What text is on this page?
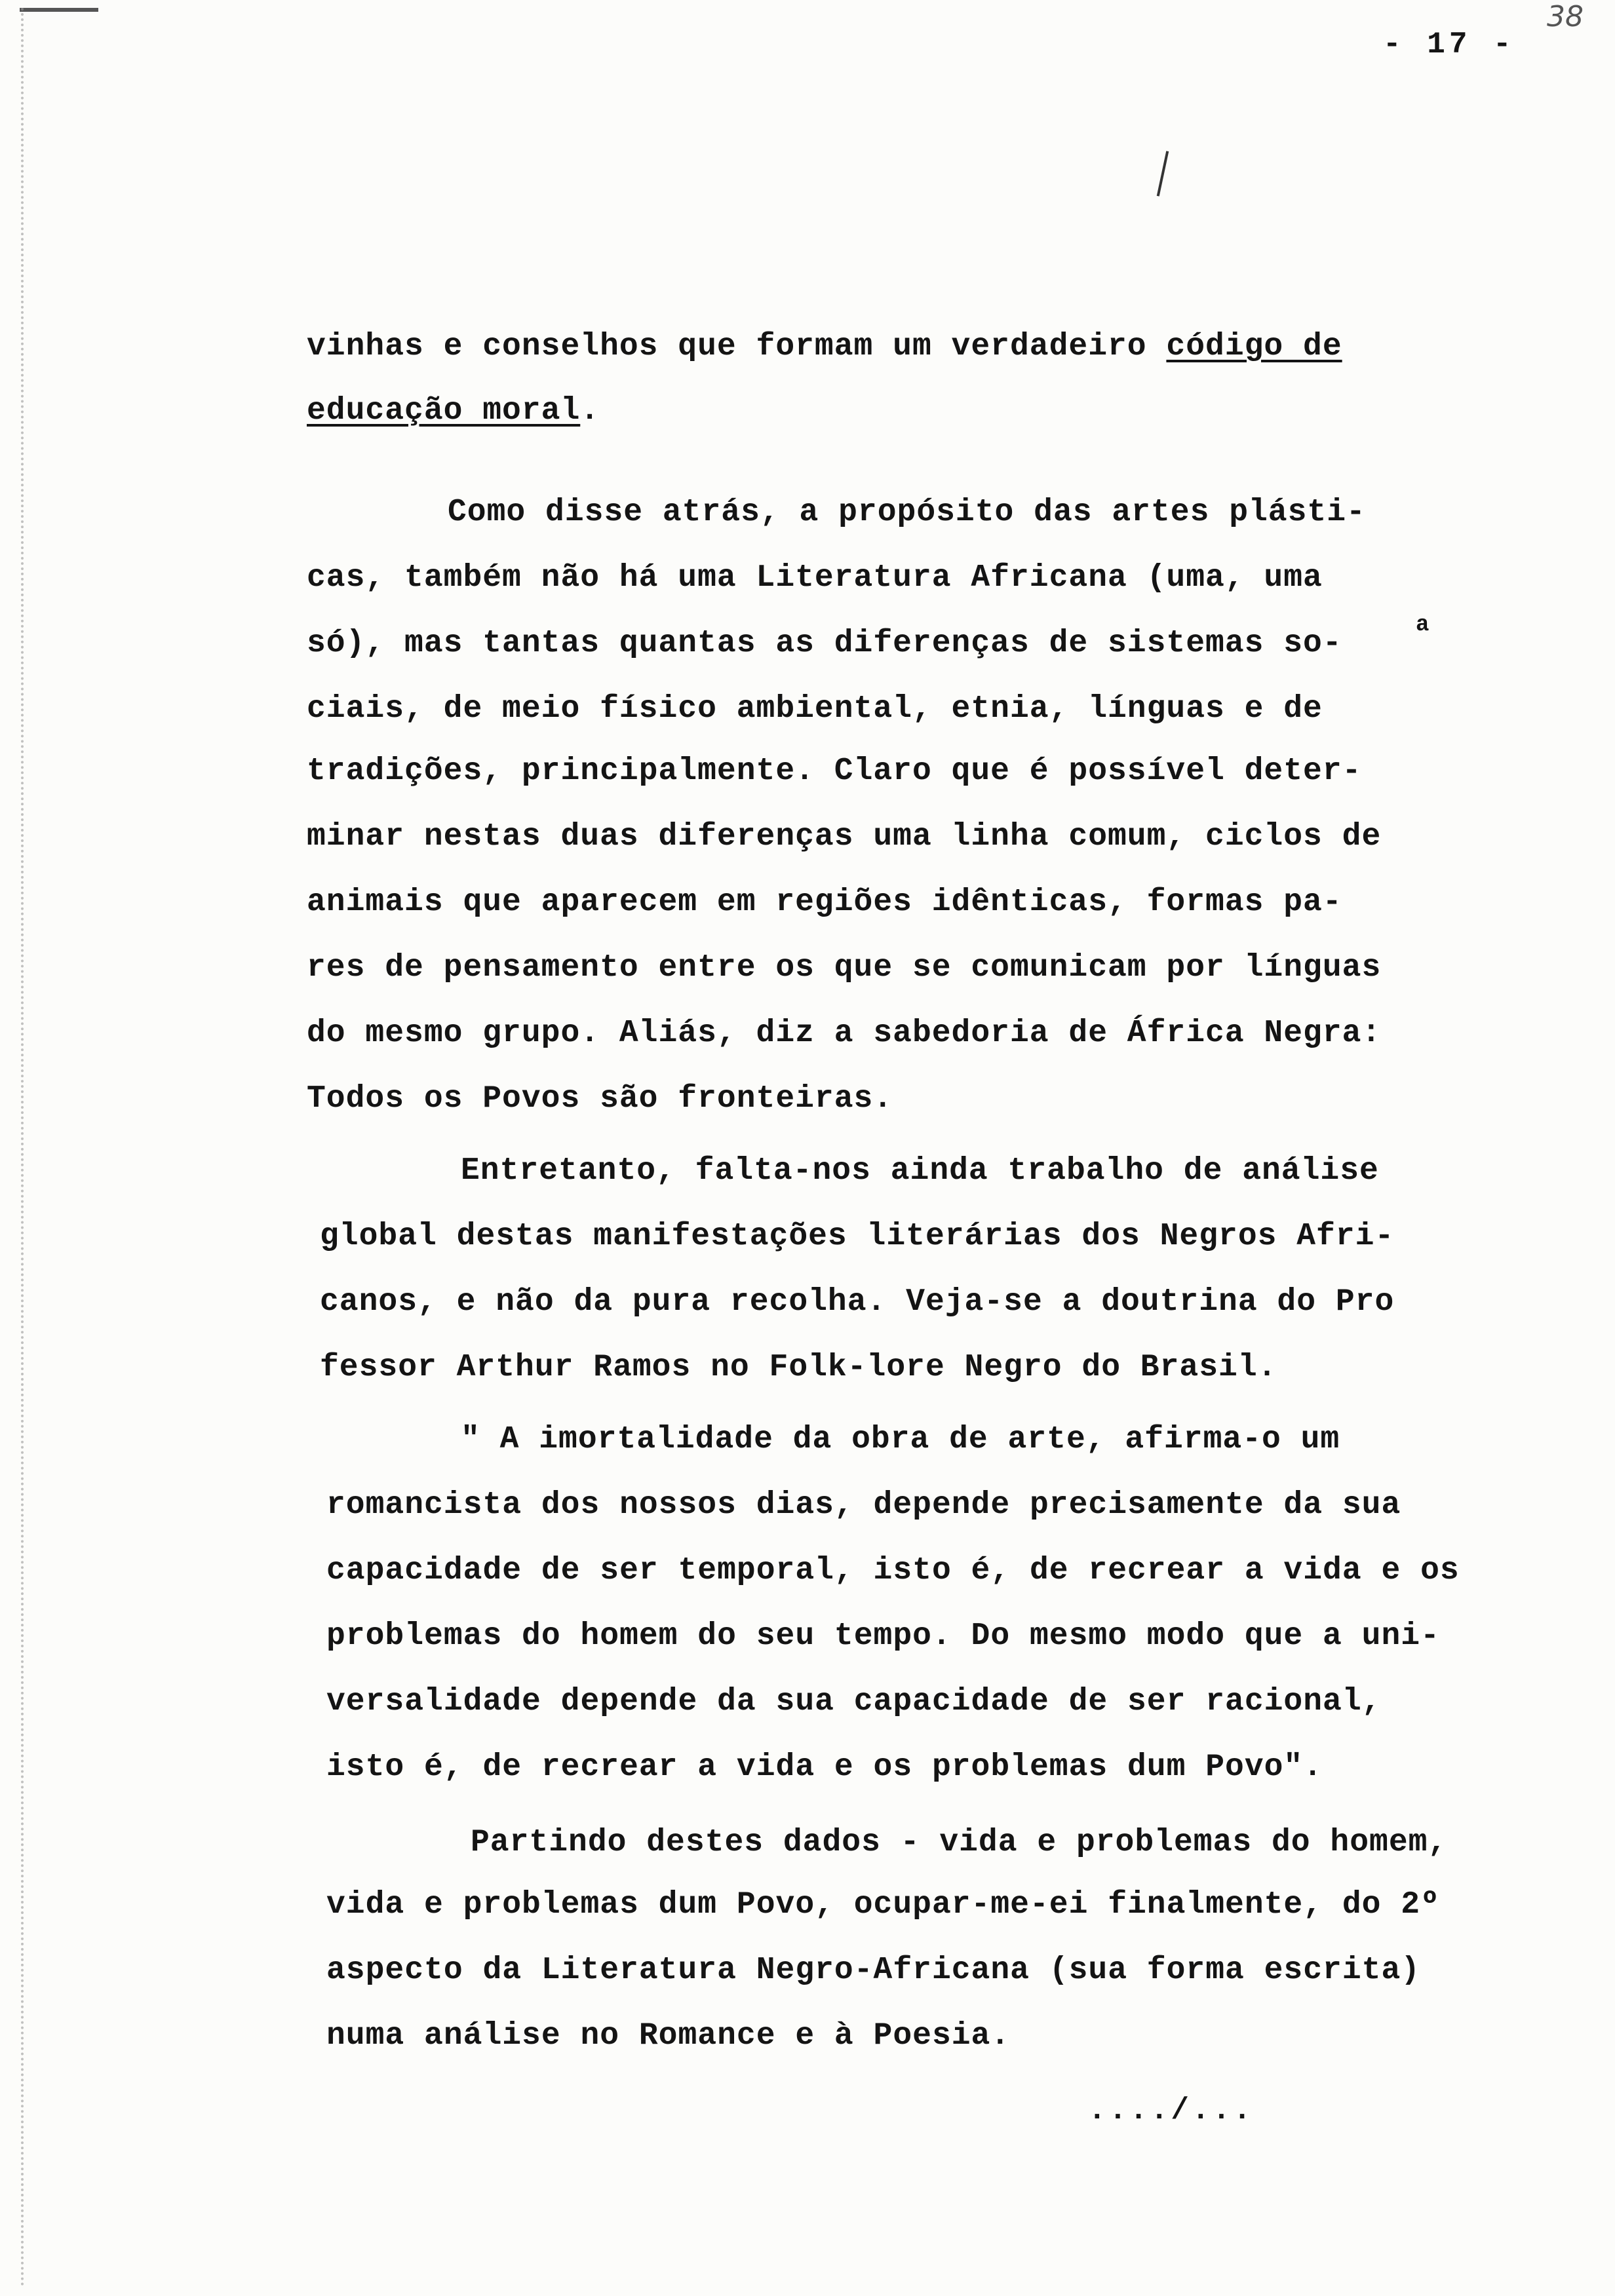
- 17 -
38
a
vinhas e conselhos que formam um verdadeiro código de
educação moral.
Como disse atrás, a propósito das artes plásti-
cas, também não há uma Literatura Africana (uma, uma
só), mas tantas quantas as diferenças de sistemas so-
ciais, de meio físico ambiental, etnia, línguas e de
tradições, principalmente. Claro que é possível deter-
minar nestas duas diferenças uma linha comum, ciclos de
animais que aparecem em regiões idênticas, formas pa-
res de pensamento entre os que se comunicam por línguas
do mesmo grupo. Aliás, diz a sabedoria de África Negra:
Todos os Povos são fronteiras.
Entretanto, falta-nos ainda trabalho de análise
global destas manifestações literárias dos Negros Afri-
canos, e não da pura recolha. Veja-se a doutrina do Pro
fessor Arthur Ramos no Folk-lore Negro do Brasil.
" A imortalidade da obra de arte, afirma-o um
romancista dos nossos dias, depende precisamente da sua
capacidade de ser temporal, isto é, de recrear a vida e os
problemas do homem do seu tempo. Do mesmo modo que a uni-
versalidade depende da sua capacidade de ser racional,
isto é, de recrear a vida e os problemas dum Povo".
Partindo destes dados - vida e problemas do homem,
vida e problemas dum Povo, ocupar-me-ei finalmente, do 2º
aspecto da Literatura Negro-Africana (sua forma escrita)
numa análise no Romance e à Poesia.
..../...
